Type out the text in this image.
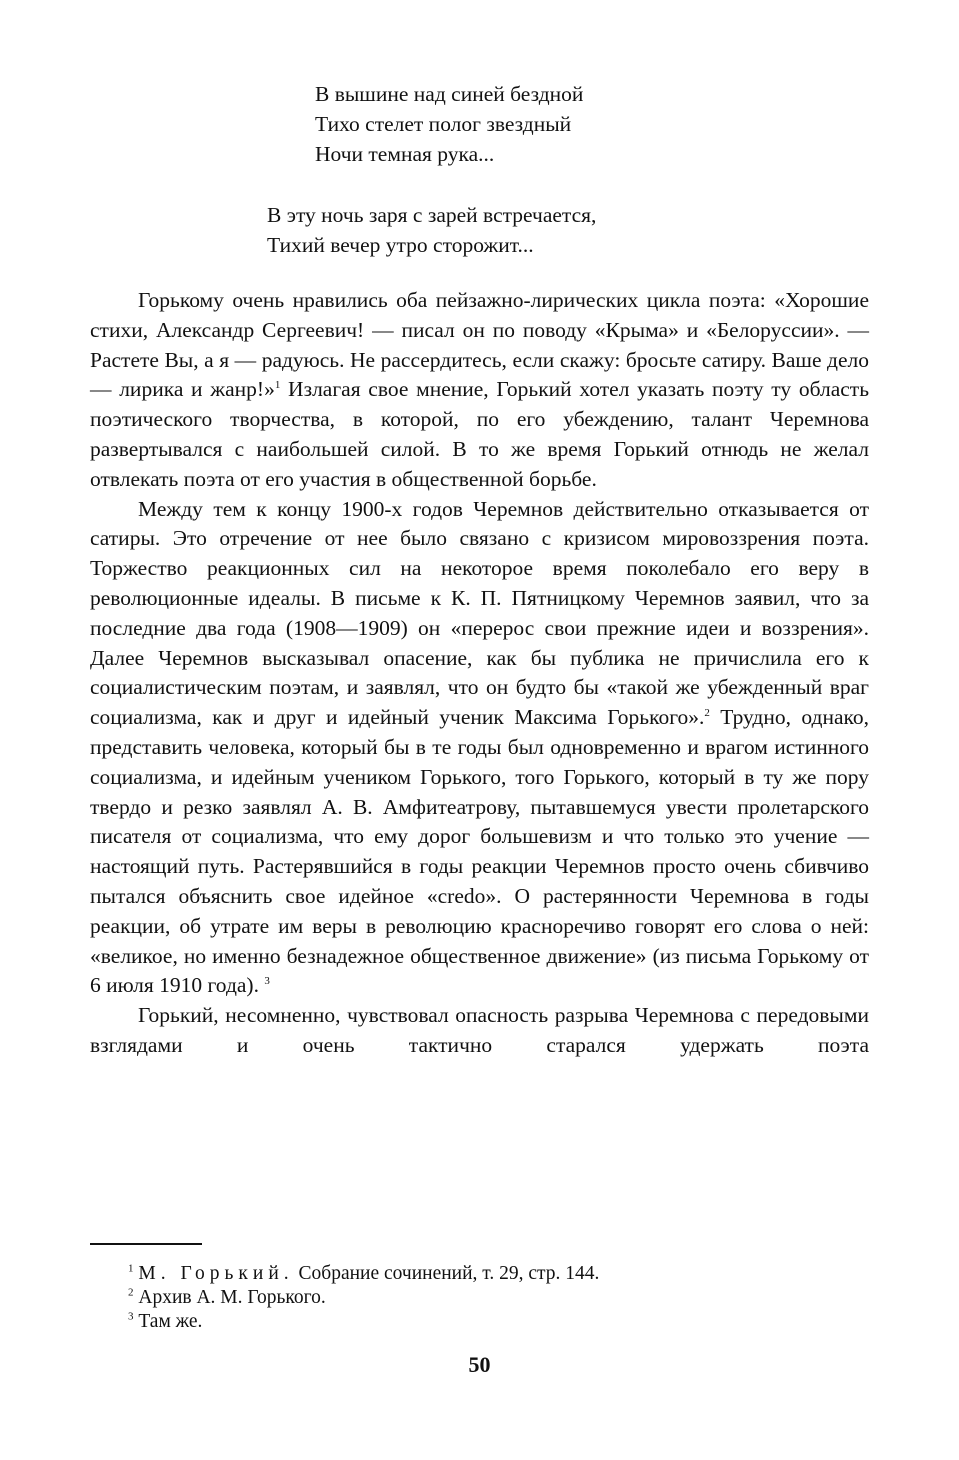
В вышине над синей бездной
Тихо стелет полог звездный
Ночи темная рука...
В эту ночь заря с зарей встречается,
Тихий вечер утро сторожит...

Горькому очень нравились оба пейзажно-лирических цикла поэта: «Хорошие стихи, Александр Сергеевич! — писал он по поводу «Крыма» и «Белоруссии». — Растете Вы, а я — радуюсь. Не рассердитесь, если скажу: бросьте сатиру. Ваше дело — лирика и жанр!»$^1$ Излагая свое мнение, Горький хотел указать поэту ту область поэтического творчества, в которой, по его убеждению, талант Черемнова развертывался с наибольшей силой. В то же время Горький отнюдь не желал отвлекать поэта от его участия в общественной борьбе.

Между тем к концу 1900-х годов Черемнов действительно отказывается от сатиры. Это отречение от нее было связано с кризисом мировоззрения поэта. Торжество реакционных сил на некоторое время поколебало его веру в революционные идеалы. В письме к К. П. Пятницкому Черемнов заявил, что за последние два года (1908—1909) он «перерос свои прежние идеи и воззрения». Далее Черемнов высказывал опасение, как бы публика не причислила его к социалистическим поэтам, и заявлял, что он будто бы «такой же убежденный враг социализма, как и друг и идейный ученик Максима Горького».$^2$ Трудно, однако, представить человека, который бы в те годы был одновременно и врагом истинного социализма, и идейным учеником Горького, того Горького, который в ту же пору твердо и резко заявлял А. В. Амфитеатрову, пытавшемуся увести пролетарского писателя от социализма, что ему дорог большевизм и что только это учение — настоящий путь. Растерявшийся в годы реакции Черемнов просто очень сбивчиво пытался объяснить свое идейное «credo». О растерянности Черемнова в годы реакции, об утрате им веры в революцию красноречиво говорят его слова о ней: «великое, но именно безнадежное общественное движение» (из письма Горькому от 6 июля 1910 года). $^3$

Горький, несомненно, чувствовал опасность разрыва Черемнова с передовыми взглядами и очень тактично старался удержать поэта

$^1$ М. Горький. Собрание сочинений, т. 29, стр. 144.
$^2$ Архив А. М. Горького.
$^3$ Там же.
50
